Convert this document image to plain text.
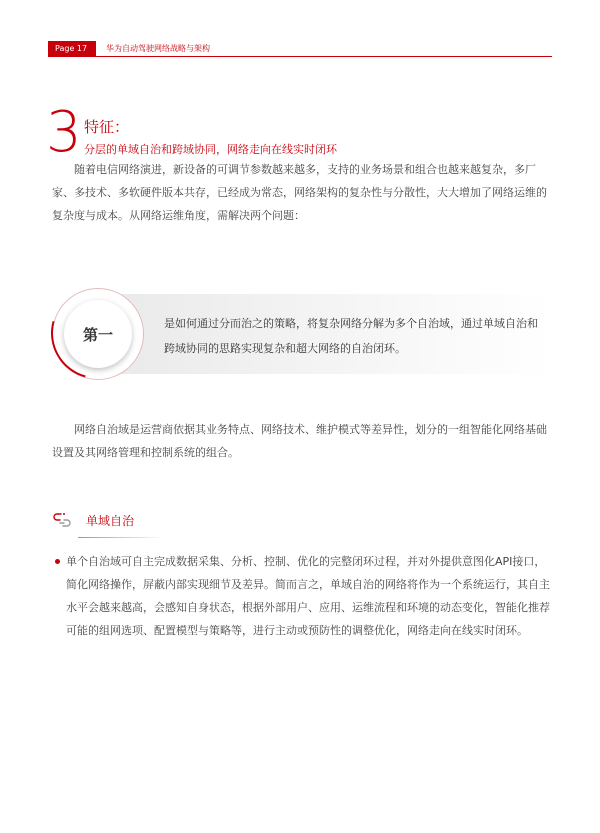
Page 17	华为自动驾驶网络战略与架构
3 特征：
分层的单域自治和跨域协同，网络走向在线实时闭环

随着电信网络演进，新设备的可调节参数越来越多，支持的业务场景和组合也越来越复杂，多厂家、多技术、多软硬件版本共存，已经成为常态，网络架构的复杂性与分散性，大大增加了网络运维的复杂度与成本。从网络运维角度，需解决两个问题：

第一
是如何通过分而治之的策略，将复杂网络分解为多个自治域，通过单域自治和跨域协同的思路实现复杂和超大网络的自治闭环。

网络自治域是运营商依据其业务特点、网络技术、维护模式等差异性，划分的一组智能化网络基础设置及其网络管理和控制系统的组合。

单域自治
单个自治域可自主完成数据采集、分析、控制、优化的完整闭环过程，并对外提供意图化API接口，简化网络操作，屏蔽内部实现细节及差异。简而言之，单域自治的网络将作为一个系统运行，其自主水平会越来越高，会感知自身状态，根据外部用户、应用、运维流程和环境的动态变化，智能化推荐可能的组网选项、配置模型与策略等，进行主动或预防性的调整优化，网络走向在线实时闭环。
